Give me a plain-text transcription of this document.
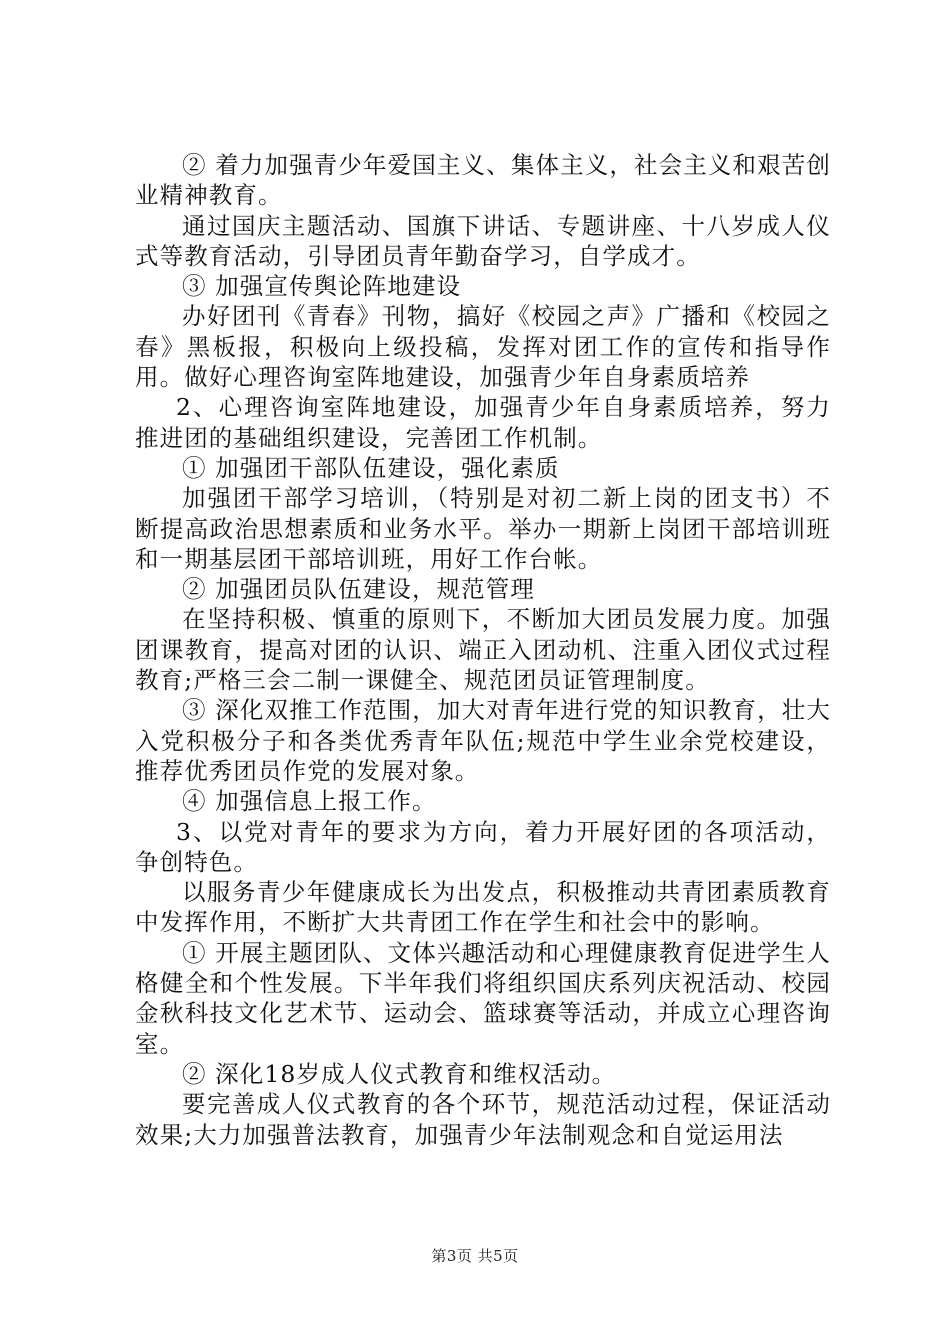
② 着力加强青少年爱国主义、集体主义，社会主义和艰苦创业精神教育。

通过国庆主题活动、国旗下讲话、专题讲座、十八岁成人仪式等教育活动，引导团员青年勤奋学习，自学成才。

③ 加强宣传舆论阵地建设

办好团刊《青春》刊物，搞好《校园之声》广播和《校园之春》黑板报，积极向上级投稿，发挥对团工作的宣传和指导作用。做好心理咨询室阵地建设，加强青少年自身素质培养

2、心理咨询室阵地建设，加强青少年自身素质培养，努力推进团的基础组织建设，完善团工作机制。

① 加强团干部队伍建设，强化素质

加强团干部学习培训，（特别是对初二新上岗的团支书）不断提高政治思想素质和业务水平。举办一期新上岗团干部培训班和一期基层团干部培训班，用好工作台帐。

② 加强团员队伍建设，规范管理

在坚持积极、慎重的原则下，不断加大团员发展力度。加强团课教育，提高对团的认识、端正入团动机、注重入团仪式过程教育;严格三会二制一课健全、规范团员证管理制度。

③ 深化双推工作范围，加大对青年进行党的知识教育，壮大入党积极分子和各类优秀青年队伍;规范中学生业余党校建设，推荐优秀团员作党的发展对象。

④ 加强信息上报工作。

3、以党对青年的要求为方向，着力开展好团的各项活动，争创特色。

以服务青少年健康成长为出发点，积极推动共青团素质教育中发挥作用，不断扩大共青团工作在学生和社会中的影响。

① 开展主题团队、文体兴趣活动和心理健康教育促进学生人格健全和个性发展。下半年我们将组织国庆系列庆祝活动、校园金秋科技文化艺术节、运动会、篮球赛等活动，并成立心理咨询室。

② 深化18岁成人仪式教育和维权活动。

要完善成人仪式教育的各个环节，规范活动过程，保证活动效果;大力加强普法教育，加强青少年法制观念和自觉运用法

第3页 共5页
